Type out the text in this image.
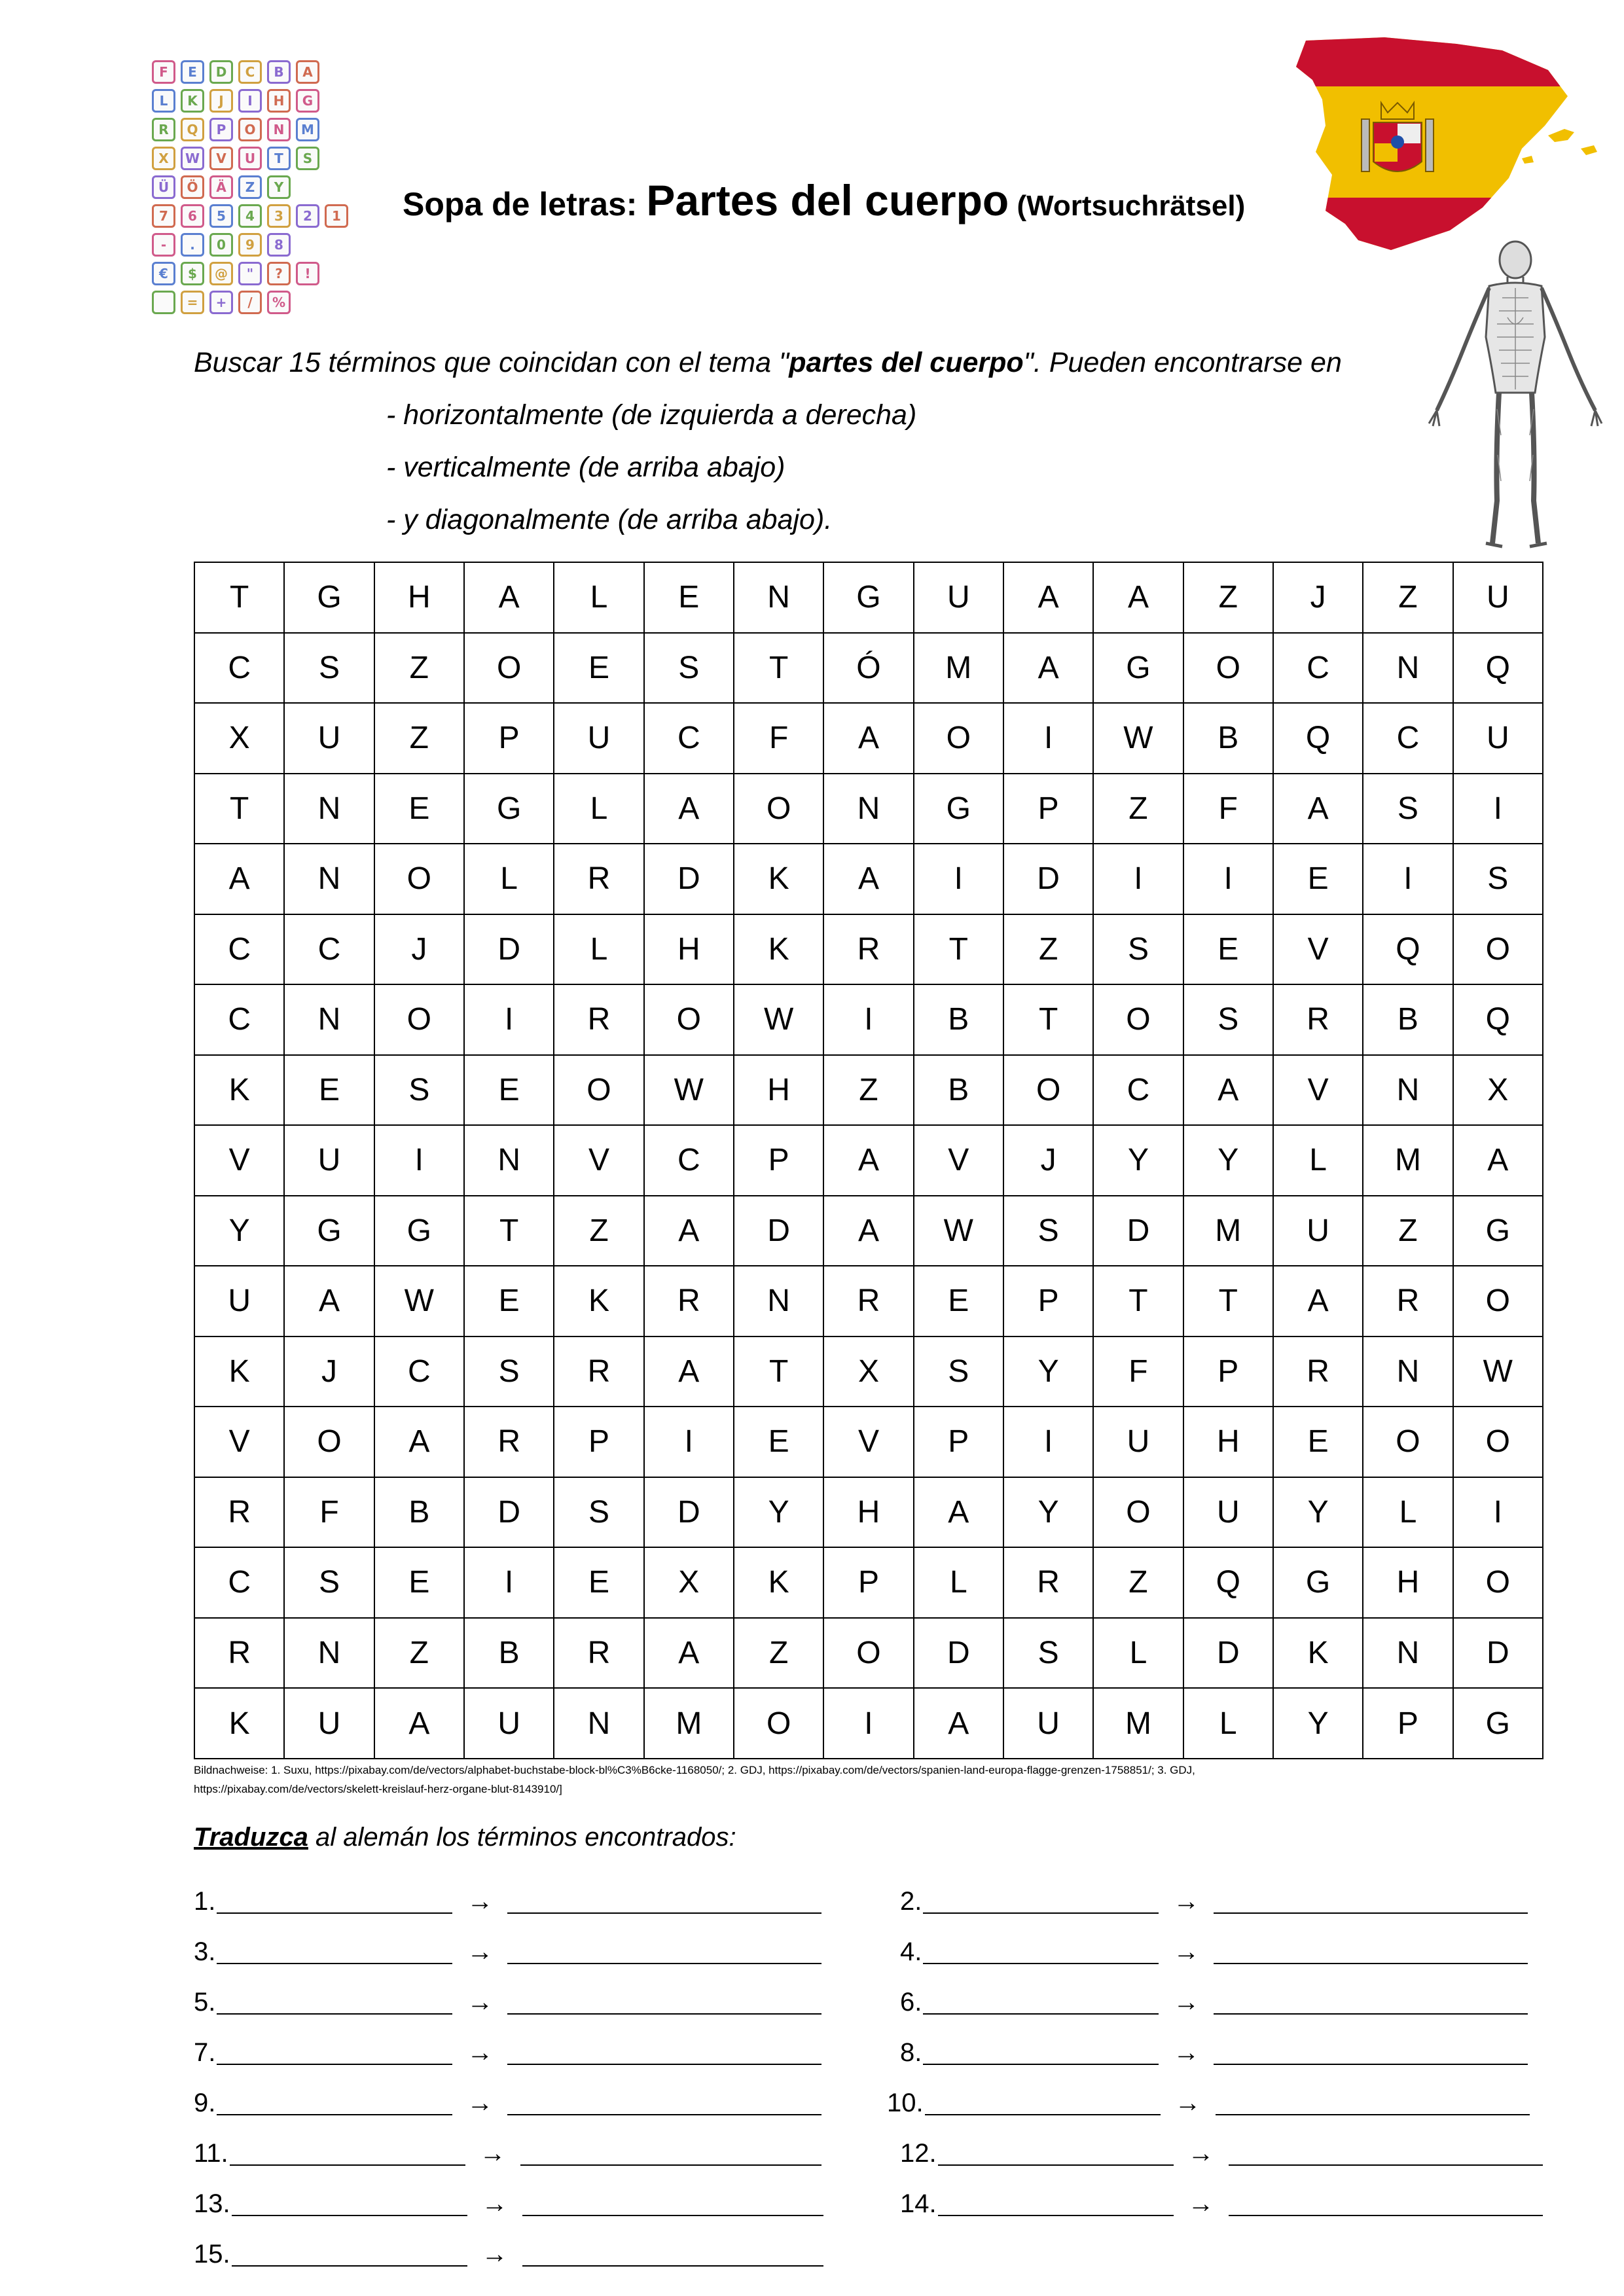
F	E	D	C	B	A
L	K	J	I	H	G
R	Q	P	O	N	M
X	W	V	U	T	S
Ü	Ö	Ä	Z	Y
7	6	5	4	3	2	1
-	.	0	9	8
€	$	@	"	?	!
=	+	/	%
Sopa de letras: Partes del cuerpo (Wortsuchrätsel)
Buscar 15 términos que coincidan con el tema "partes del cuerpo". Pueden encontrarse en
- horizontalmente (de izquierda a derecha)
- verticalmente (de arriba abajo)
- y diagonalmente (de arriba abajo).
T	G	H	A	L	E	N	G	U	A	A	Z	J	Z	U
C	S	Z	O	E	S	T	Ó	M	A	G	O	C	N	Q
X	U	Z	P	U	C	F	A	O	I	W	B	Q	C	U
T	N	E	G	L	A	O	N	G	P	Z	F	A	S	I
A	N	O	L	R	D	K	A	I	D	I	I	E	I	S
C	C	J	D	L	H	K	R	T	Z	S	E	V	Q	O
C	N	O	I	R	O	W	I	B	T	O	S	R	B	Q
K	E	S	E	O	W	H	Z	B	O	C	A	V	N	X
V	U	I	N	V	C	P	A	V	J	Y	Y	L	M	A
Y	G	G	T	Z	A	D	A	W	S	D	M	U	Z	G
U	A	W	E	K	R	N	R	E	P	T	T	A	R	O
K	J	C	S	R	A	T	X	S	Y	F	P	R	N	W
V	O	A	R	P	I	E	V	P	I	U	H	E	O	O
R	F	B	D	S	D	Y	H	A	Y	O	U	Y	L	I
C	S	E	I	E	X	K	P	L	R	Z	Q	G	H	O
R	N	Z	B	R	A	Z	O	D	S	L	D	K	N	D
K	U	A	U	N	M	O	I	A	U	M	L	Y	P	G
Bildnachweise: 1. Suxu, https://pixabay.com/de/vectors/alphabet-buchstabe-block-bl%C3%B6cke-1168050/; 2. GDJ, https://pixabay.com/de/vectors/spanien-land-europa-flagge-grenzen-1758851/; 3. GDJ,
https://pixabay.com/de/vectors/skelett-kreislauf-herz-organe-blut-8143910/]
Traduzca al alemán los términos encontrados:
1.	→	2.	→
3.	→	4.	→
5.	→	6.	→
7.	→	8.	→
9.	→	10.	→
11.	→	12.	→
13.	→	14.	→
15.	→
